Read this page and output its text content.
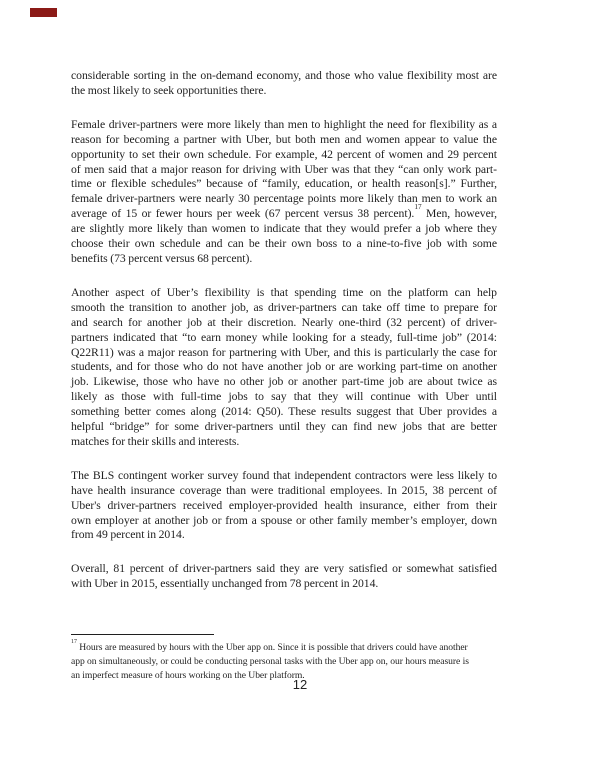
considerable sorting in the on-demand economy, and those who value flexibility most are
the most likely to seek opportunities there.
Female driver-partners were more likely than men to highlight the need for flexibility as a
reason for becoming a partner with Uber, but both men and women appear to value the
opportunity to set their own schedule. For example, 42 percent of women and 29 percent
of men said that a major reason for driving with Uber was that they “can only work part-
time or flexible schedules” because of “family, education, or health reason[s].” Further,
female driver-partners were nearly 30 percentage points more likely than men to work an
average of 15 or fewer hours per week (67 percent versus 38 percent).$^{17}$ Men, however,
are slightly more likely than women to indicate that they would prefer a job where they
choose their own schedule and can be their own boss to a nine-to-five job with some
benefits (73 percent versus 68 percent).
Another aspect of Uber’s flexibility is that spending time on the platform can help
smooth the transition to another job, as driver-partners can take off time to prepare for
and search for another job at their discretion. Nearly one-third (32 percent) of driver-
partners indicated that “to earn money while looking for a steady, full-time job” (2014:
Q22R11) was a major reason for partnering with Uber, and this is particularly the case for
students, and for those who do not have another job or are working part-time on another
job. Likewise, those who have no other job or another part-time job are about twice as
likely as those with full-time jobs to say that they will continue with Uber until
something better comes along (2014: Q50). These results suggest that Uber provides a
helpful “bridge” for some driver-partners until they can find new jobs that are better
matches for their skills and interests.
The BLS contingent worker survey found that independent contractors were less likely to
have health insurance coverage than were traditional employees. In 2015, 38 percent of
Uber's driver-partners received employer-provided health insurance, either from their
own employer at another job or from a spouse or other family member’s employer, down
from 49 percent in 2014.
Overall, 81 percent of driver-partners said they are very satisfied or somewhat satisfied
with Uber in 2015, essentially unchanged from 78 percent in 2014.
$^{17}$ Hours are measured by hours with the Uber app on. Since it is possible that drivers could have another
app on simultaneously, or could be conducting personal tasks with the Uber app on, our hours measure is
an imperfect measure of hours working on the Uber platform.
12
